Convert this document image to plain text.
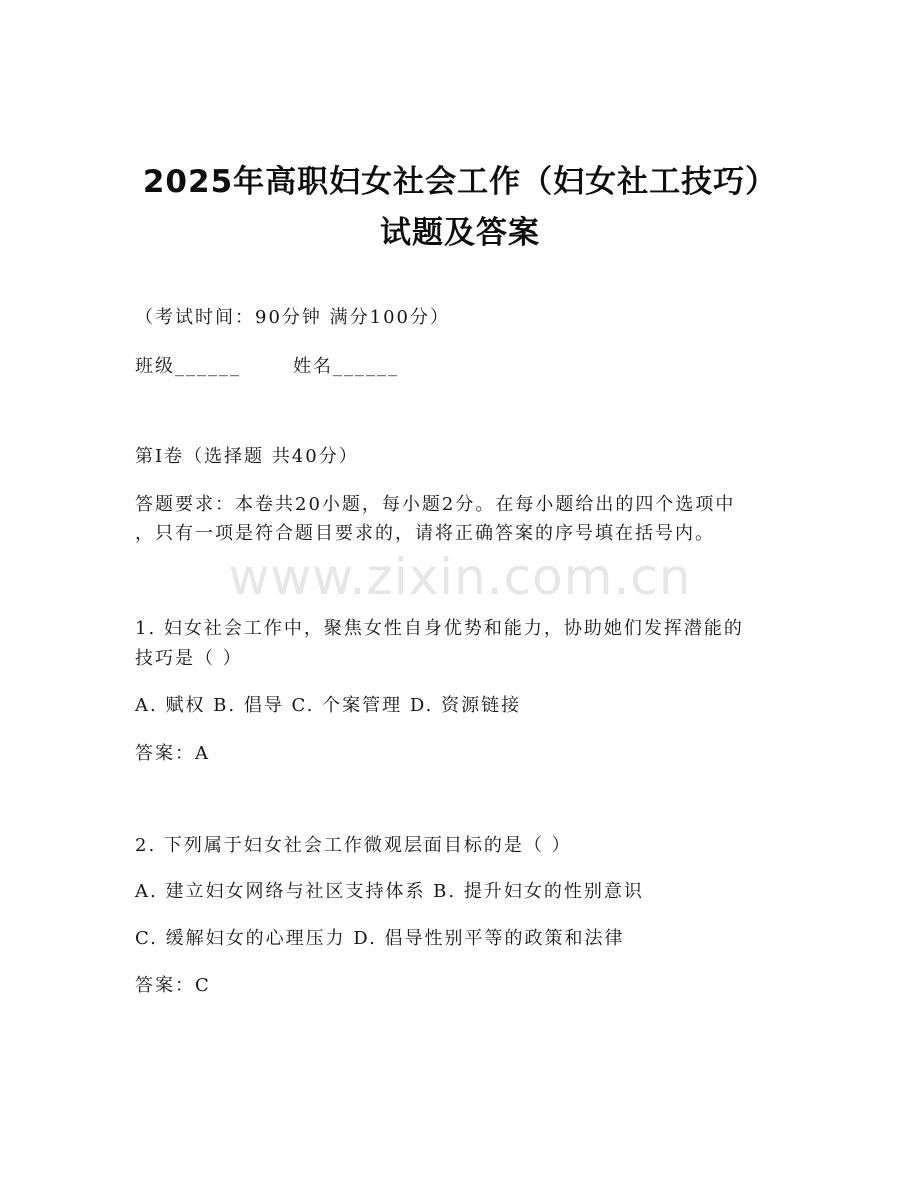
2025年高职妇女社会工作（妇女社工技巧）
试题及答案
（考试时间：90分钟 满分100分）
班级______	姓名______
第I卷（选择题 共40分）
答题要求：本卷共20小题，每小题2分。在每小题给出的四个选项中
，只有一项是符合题目要求的，请将正确答案的序号填在括号内。
www.zixin.com.cn
1. 妇女社会工作中，聚焦女性自身优势和能力，协助她们发挥潜能的
技巧是（ ）
A. 赋权 B. 倡导 C. 个案管理 D. 资源链接
答案：A
2. 下列属于妇女社会工作微观层面目标的是（ ）
A. 建立妇女网络与社区支持体系 B. 提升妇女的性别意识
C. 缓解妇女的心理压力 D. 倡导性别平等的政策和法律
答案：C
